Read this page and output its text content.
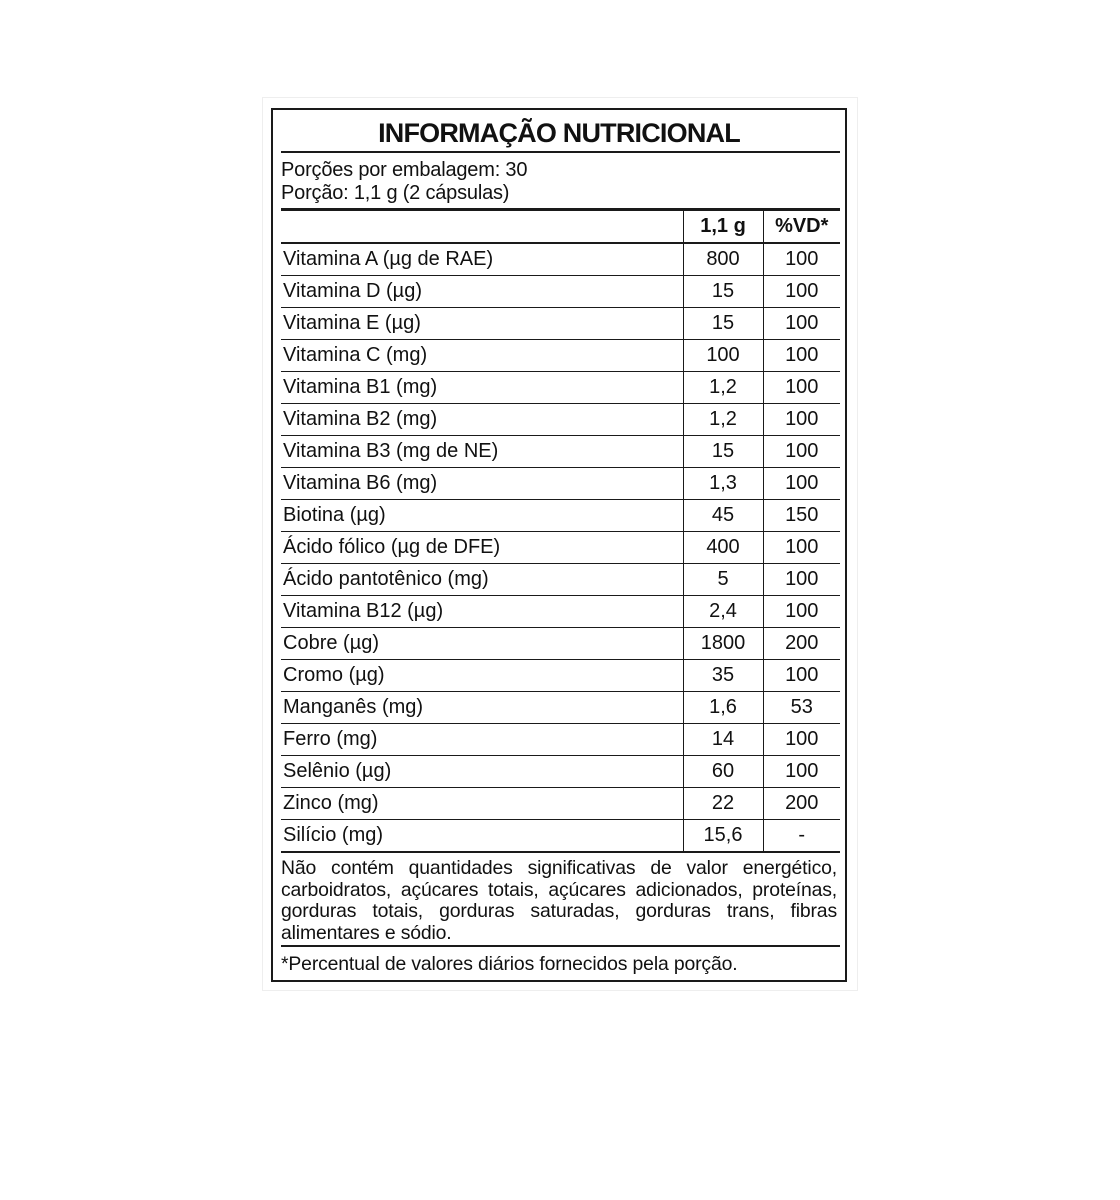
INFORMAÇÃO NUTRICIONAL
Porções por embalagem: 30
Porção: 1,1 g (2 cápsulas)
	1,1 g	%VD*
Vitamina A (µg de RAE)	800	100
Vitamina D (µg)	15	100
Vitamina E (µg)	15	100
Vitamina C (mg)	100	100
Vitamina B1 (mg)	1,2	100
Vitamina B2 (mg)	1,2	100
Vitamina B3 (mg de NE)	15	100
Vitamina B6 (mg)	1,3	100
Biotina (µg)	45	150
Ácido fólico (µg de DFE)	400	100
Ácido pantotênico (mg)	5	100
Vitamina B12 (µg)	2,4	100
Cobre (µg)	1800	200
Cromo (µg)	35	100
Manganês (mg)	1,6	53
Ferro (mg)	14	100
Selênio (µg)	60	100
Zinco (mg)	22	200
Silício (mg)	15,6	-
Não contém quantidades significativas de valor energético, carboidratos, açúcares totais, açúcares adicionados, proteínas, gorduras totais, gorduras saturadas, gorduras trans, fibras alimentares e sódio.
*Percentual de valores diários fornecidos pela porção.
